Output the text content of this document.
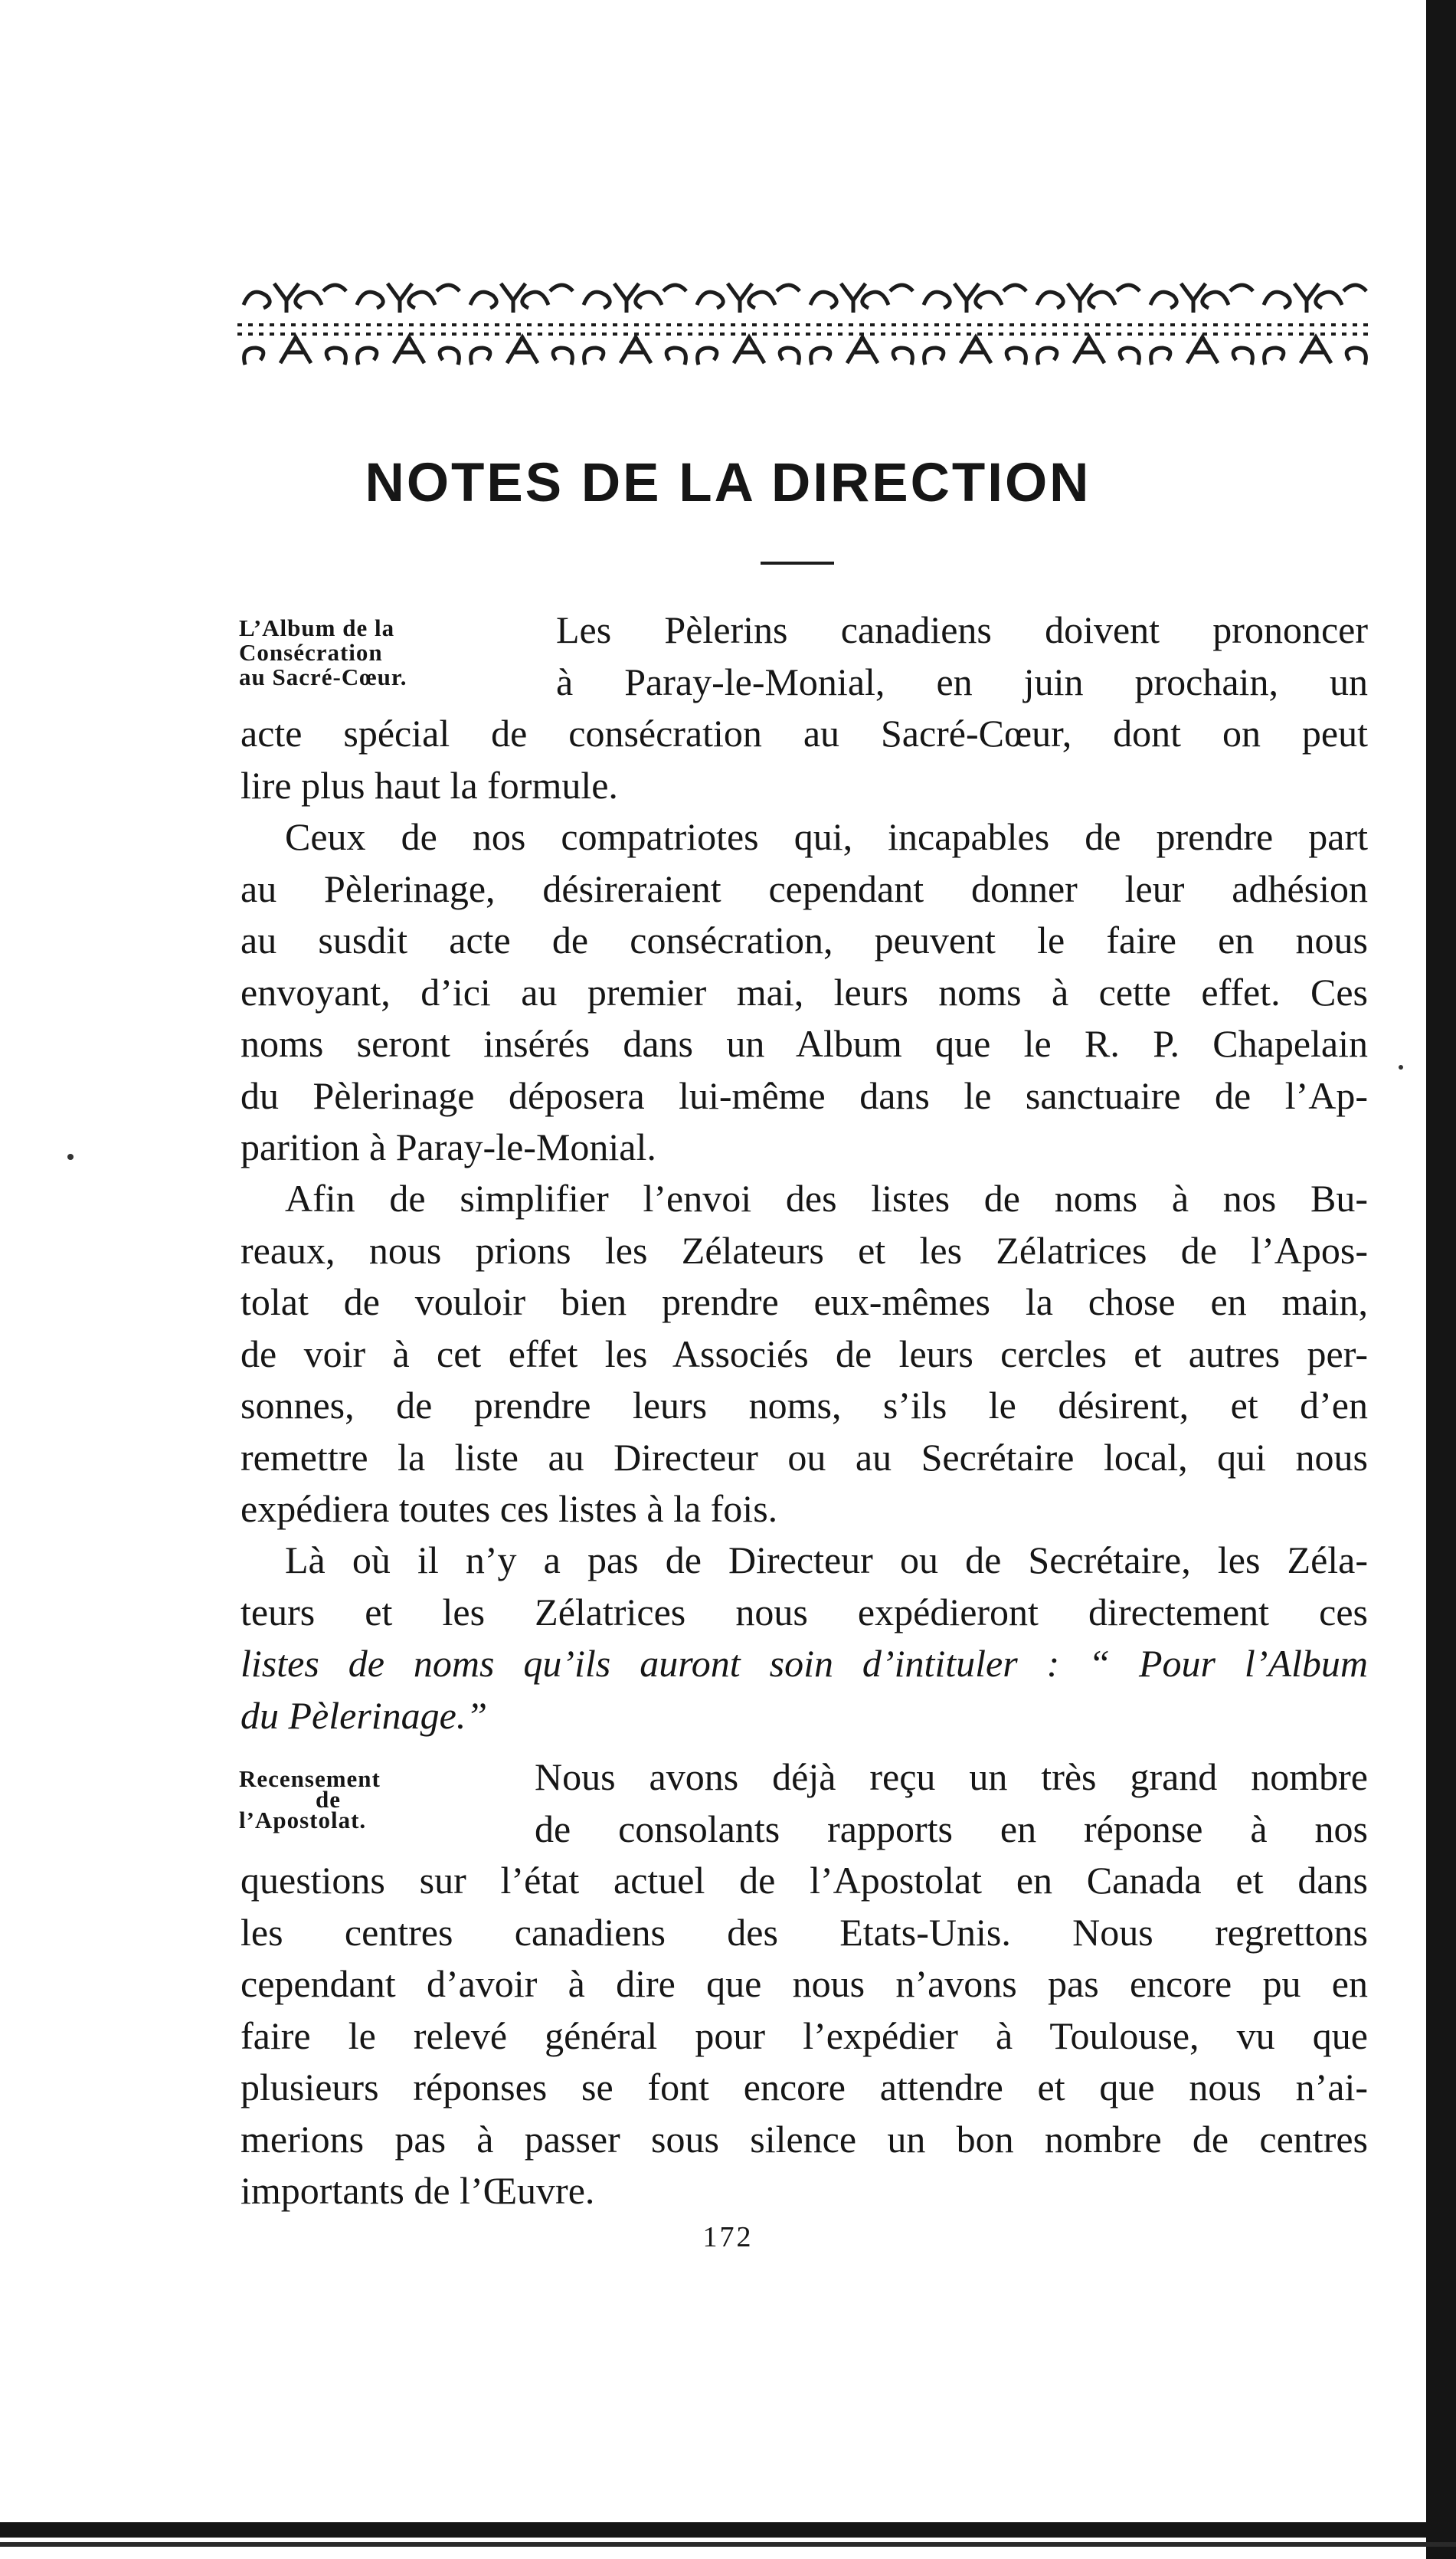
NOTES DE LA DIRECTION
L’Album de la
Consécration
au Sacré-Cœur.
Les Pèlerins canadiens doivent prononcer
à Paray-le-Monial, en juin prochain, un
acte spécial de consécration au Sacré-Cœur, dont on peut
lire plus haut la formule.
Ceux de nos compatriotes qui, incapables de prendre part
au Pèlerinage, désireraient cependant donner leur adhésion
au susdit acte de consécration, peuvent le faire en nous
envoyant, d’ici au premier mai, leurs noms à cette effet. Ces
noms seront insérés dans un Album que le R. P. Chapelain
du Pèlerinage déposera lui-même dans le sanctuaire de l’Ap-
parition à Paray-le-Monial.
Afin de simplifier l’envoi des listes de noms à nos Bu-
reaux, nous prions les Zélateurs et les Zélatrices de l’Apos-
tolat de vouloir bien prendre eux-mêmes la chose en main,
de voir à cet effet les Associés de leurs cercles et autres per-
sonnes, de prendre leurs noms, s’ils le désirent, et d’en
remettre la liste au Directeur ou au Secrétaire local, qui nous
expédiera toutes ces listes à la fois.
Là où il n’y a pas de Directeur ou de Secrétaire, les Zéla-
teurs et les Zélatrices nous expédieront directement ces
listes de noms qu’ils auront soin d’intituler : “ Pour l’Album
du Pèlerinage.”
Recensement
de
l’Apostolat.
Nous avons déjà reçu un très grand nombre
de consolants rapports en réponse à nos
questions sur l’état actuel de l’Apostolat en Canada et dans
les centres canadiens des Etats-Unis. Nous regrettons
cependant d’avoir à dire que nous n’avons pas encore pu en
faire le relevé général pour l’expédier à Toulouse, vu que
plusieurs réponses se font encore attendre et que nous n’ai-
merions pas à passer sous silence un bon nombre de centres
importants de l’Œuvre.
172
